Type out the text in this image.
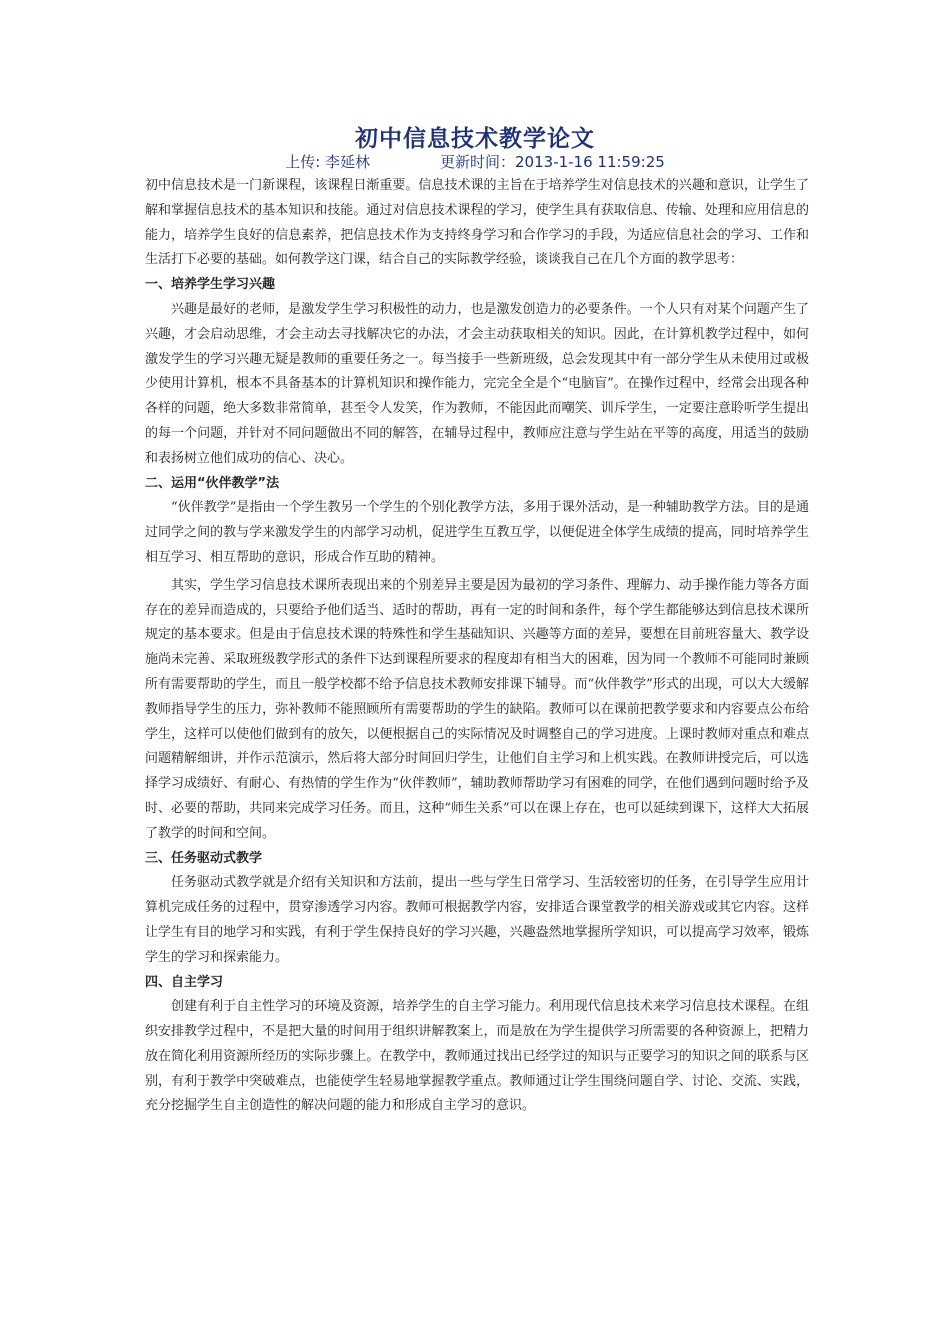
初中信息技术教学论文
上传: 李延林	更新时间：2013-1-16 11:59:25

初中信息技术是一门新课程，该课程日渐重要。信息技术课的主旨在于培养学生对信息技术的兴趣和意识，让学生了解和掌握信息技术的基本知识和技能。通过对信息技术课程的学习，使学生具有获取信息、传输、处理和应用信息的能力，培养学生良好的信息素养，把信息技术作为支持终身学习和合作学习的手段，为适应信息社会的学习、工作和生活打下必要的基础。如何教学这门课，结合自己的实际教学经验，谈谈我自己在几个方面的教学思考：

一、培养学生学习兴趣

兴趣是最好的老师，是激发学生学习积极性的动力，也是激发创造力的必要条件。一个人只有对某个问题产生了兴趣，才会启动思维，才会主动去寻找解决它的办法，才会主动获取相关的知识。因此，在计算机教学过程中，如何激发学生的学习兴趣无疑是教师的重要任务之一。每当接手一些新班级，总会发现其中有一部分学生从未使用过或极少使用计算机，根本不具备基本的计算机知识和操作能力，完完全全是个“电脑盲”。在操作过程中，经常会出现各种各样的问题，绝大多数非常简单，甚至令人发笑，作为教师，不能因此而嘲笑、训斥学生，一定要注意聆听学生提出的每一个问题，并针对不同问题做出不同的解答，在辅导过程中，教师应注意与学生站在平等的高度，用适当的鼓励和表扬树立他们成功的信心、决心。

二、运用“伙伴教学”法

“伙伴教学”是指由一个学生教另一个学生的个别化教学方法，多用于课外活动，是一种辅助教学方法。目的是通过同学之间的教与学来激发学生的内部学习动机，促进学生互教互学，以便促进全体学生成绩的提高，同时培养学生相互学习、相互帮助的意识，形成合作互助的精神。

其实，学生学习信息技术课所表现出来的个别差异主要是因为最初的学习条件、理解力、动手操作能力等各方面存在的差异而造成的，只要给予他们适当、适时的帮助，再有一定的时间和条件，每个学生都能够达到信息技术课所规定的基本要求。但是由于信息技术课的特殊性和学生基础知识、兴趣等方面的差异，要想在目前班容量大、教学设施尚未完善、采取班级教学形式的条件下达到课程所要求的程度却有相当大的困难，因为同一个教师不可能同时兼顾所有需要帮助的学生，而且一般学校都不给予信息技术教师安排课下辅导。而“伙伴教学”形式的出现，可以大大缓解教师指导学生的压力，弥补教师不能照顾所有需要帮助的学生的缺陷。教师可以在课前把教学要求和内容要点公布给学生，这样可以使他们做到有的放矢，以便根据自己的实际情况及时调整自己的学习进度。上课时教师对重点和难点问题精解细讲，并作示范演示，然后将大部分时间回归学生，让他们自主学习和上机实践。在教师讲授完后，可以选择学习成绩好、有耐心、有热情的学生作为“伙伴教师”，辅助教师帮助学习有困难的同学，在他们遇到问题时给予及时、必要的帮助，共同来完成学习任务。而且，这种“师生关系”可以在课上存在，也可以延续到课下，这样大大拓展了教学的时间和空间。

三、任务驱动式教学

任务驱动式教学就是介绍有关知识和方法前，提出一些与学生日常学习、生活较密切的任务，在引导学生应用计算机完成任务的过程中，贯穿渗透学习内容。教师可根据教学内容，安排适合课堂教学的相关游戏或其它内容。这样让学生有目的地学习和实践，有利于学生保持良好的学习兴趣，兴趣盎然地掌握所学知识，可以提高学习效率，锻炼学生的学习和探索能力。

四、自主学习

创建有利于自主性学习的环境及资源，培养学生的自主学习能力。利用现代信息技术来学习信息技术课程。在组织安排教学过程中，不是把大量的时间用于组织讲解教案上，而是放在为学生提供学习所需要的各种资源上，把精力放在简化利用资源所经历的实际步骤上。在教学中，教师通过找出已经学过的知识与正要学习的知识之间的联系与区别，有利于教学中突破难点，也能使学生轻易地掌握教学重点。教师通过让学生围绕问题自学、讨论、交流、实践，充分挖掘学生自主创造性的解决问题的能力和形成自主学习的意识。
